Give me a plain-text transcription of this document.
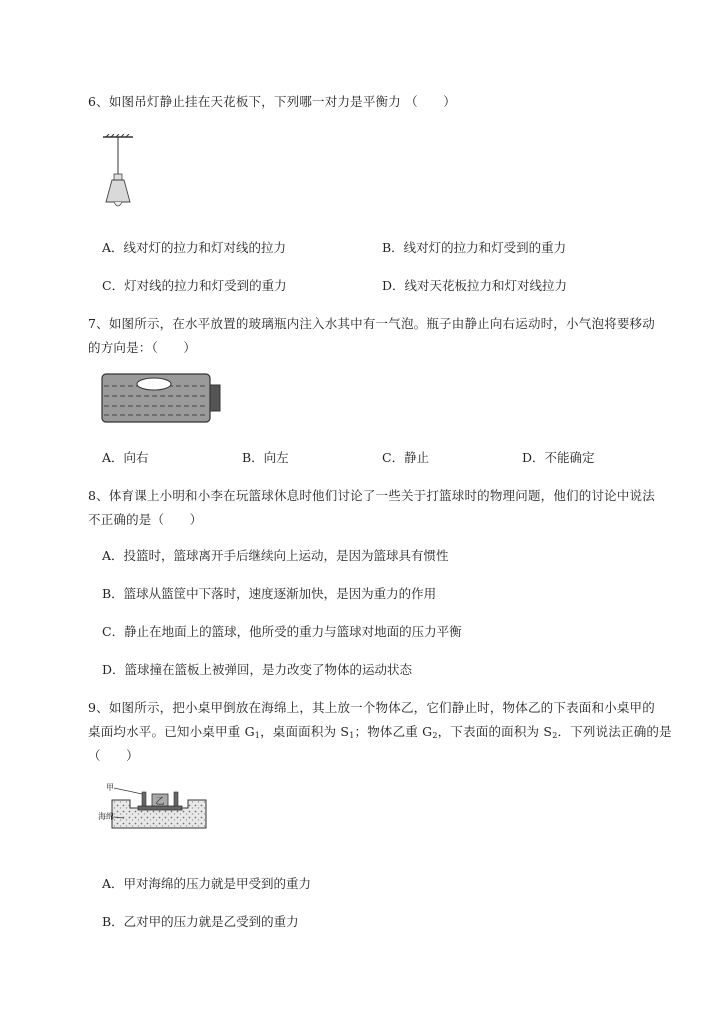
6、如图吊灯静止挂在天花板下，下列哪一对力是平衡力 （　　）
A．线对灯的拉力和灯对线的拉力	B．线对灯的拉力和灯受到的重力
C．灯对线的拉力和灯受到的重力	D．线对天花板拉力和灯对线拉力
7、如图所示，在水平放置的玻璃瓶内注入水其中有一气泡。瓶子由静止向右运动时，小气泡将要移动
的方向是：（　　）
A．向右	B．向左	C．静止	D．不能确定
8、体育课上小明和小李在玩篮球休息时他们讨论了一些关于打篮球时的物理问题，他们的讨论中说法
不正确的是（　　）
A．投篮时，篮球离开手后继续向上运动，是因为篮球具有惯性
B．篮球从篮筐中下落时，速度逐渐加快，是因为重力的作用
C．静止在地面上的篮球，他所受的重力与篮球对地面的压力平衡
D．篮球撞在篮板上被弹回，是力改变了物体的运动状态
9、如图所示，把小桌甲倒放在海绵上，其上放一个物体乙，它们静止时，物体乙的下表面和小桌甲的
桌面均水平。已知小桌甲重 $G_1$，桌面面积为 $S_1$；物体乙重 $G_2$，下表面的面积为 $S_2$．下列说法正确的是
（　　）
乙
甲
海绵
A．甲对海绵的压力就是甲受到的重力
B．乙对甲的压力就是乙受到的重力
